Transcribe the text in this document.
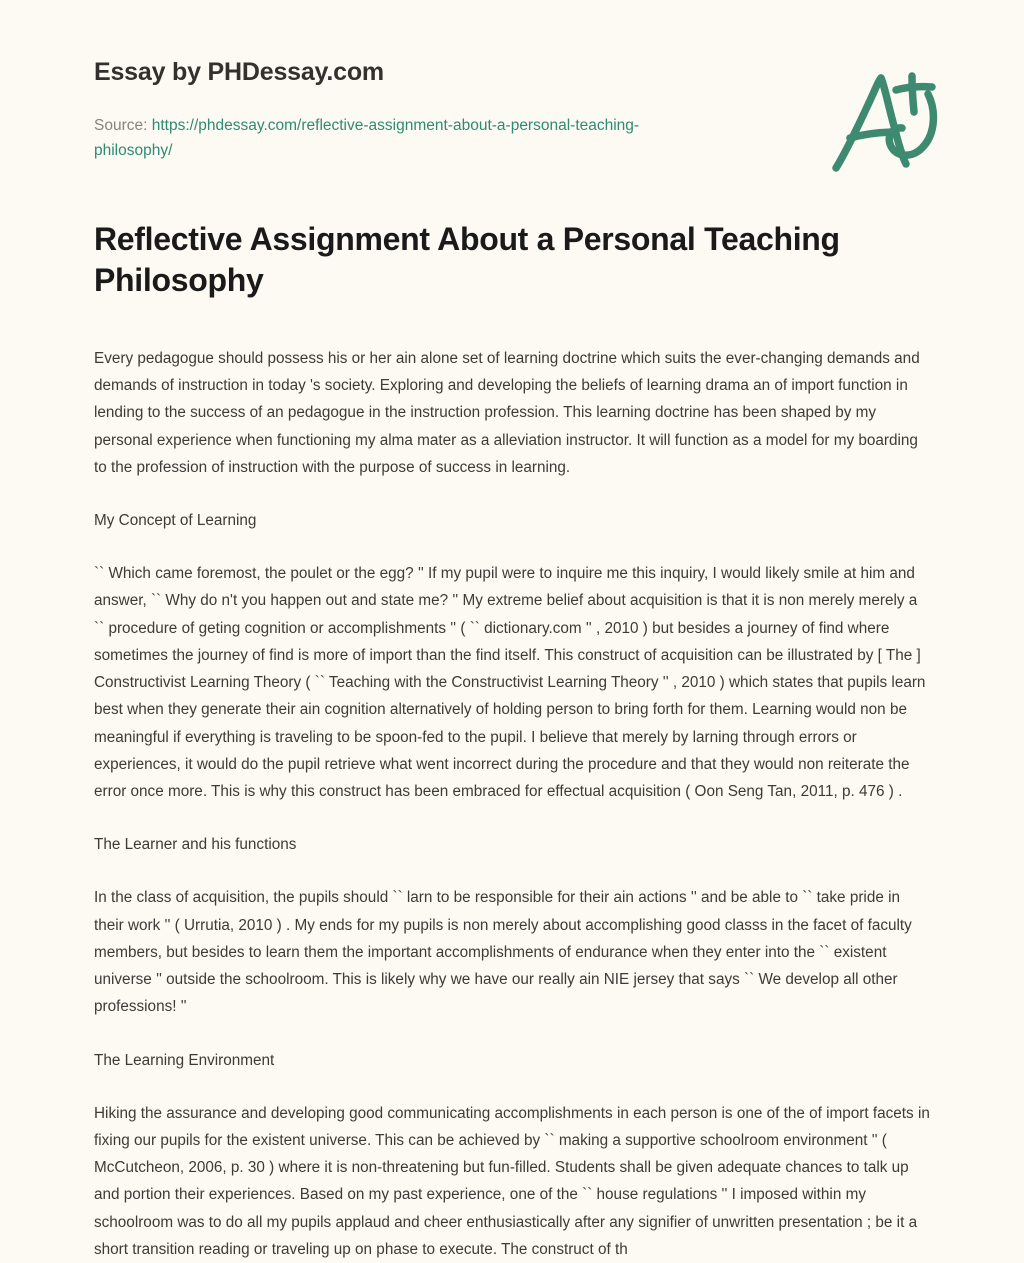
Essay by PHDessay.com

Source: https://phdessay.com/reflective-assignment-about-a-personal-teaching-philosophy/

Reflective Assignment About a Personal Teaching Philosophy

Every pedagogue should possess his or her ain alone set of learning doctrine which suits the ever-changing demands and demands of instruction in today 's society. Exploring and developing the beliefs of learning drama an of import function in lending to the success of an pedagogue in the instruction profession. This learning doctrine has been shaped by my personal experience when functioning my alma mater as a alleviation instructor. It will function as a model for my boarding to the profession of instruction with the purpose of success in learning.

My Concept of Learning

`` Which came foremost, the poulet or the egg? '' If my pupil were to inquire me this inquiry, I would likely smile at him and answer, `` Why do n't you happen out and state me? '' My extreme belief about acquisition is that it is non merely merely a `` procedure of geting cognition or accomplishments '' ( `` dictionary.com '' , 2010 ) but besides a journey of find where sometimes the journey of find is more of import than the find itself. This construct of acquisition can be illustrated by [ The ] Constructivist Learning Theory ( `` Teaching with the Constructivist Learning Theory '' , 2010 ) which states that pupils learn best when they generate their ain cognition alternatively of holding person to bring forth for them. Learning would non be meaningful if everything is traveling to be spoon-fed to the pupil. I believe that merely by larning through errors or experiences, it would do the pupil retrieve what went incorrect during the procedure and that they would non reiterate the error once more. This is why this construct has been embraced for effectual acquisition ( Oon Seng Tan, 2011, p. 476 ) .

The Learner and his functions

In the class of acquisition, the pupils should `` larn to be responsible for their ain actions '' and be able to `` take pride in their work '' ( Urrutia, 2010 ) . My ends for my pupils is non merely about accomplishing good classs in the facet of faculty members, but besides to learn them the important accomplishments of endurance when they enter into the `` existent universe '' outside the schoolroom. This is likely why we have our really ain NIE jersey that says `` We develop all other professions! ''

The Learning Environment

Hiking the assurance and developing good communicating accomplishments in each person is one of the of import facets in fixing our pupils for the existent universe. This can be achieved by `` making a supportive schoolroom environment '' ( McCutcheon, 2006, p. 30 ) where it is non-threatening but fun-filled. Students shall be given adequate chances to talk up and portion their experiences. Based on my past experience, one of the `` house regulations '' I imposed within my schoolroom was to do all my pupils applaud and cheer enthusiastically after any signifier of unwritten presentation ; be it a short transition reading or traveling up on phase to execute. The construct of th
